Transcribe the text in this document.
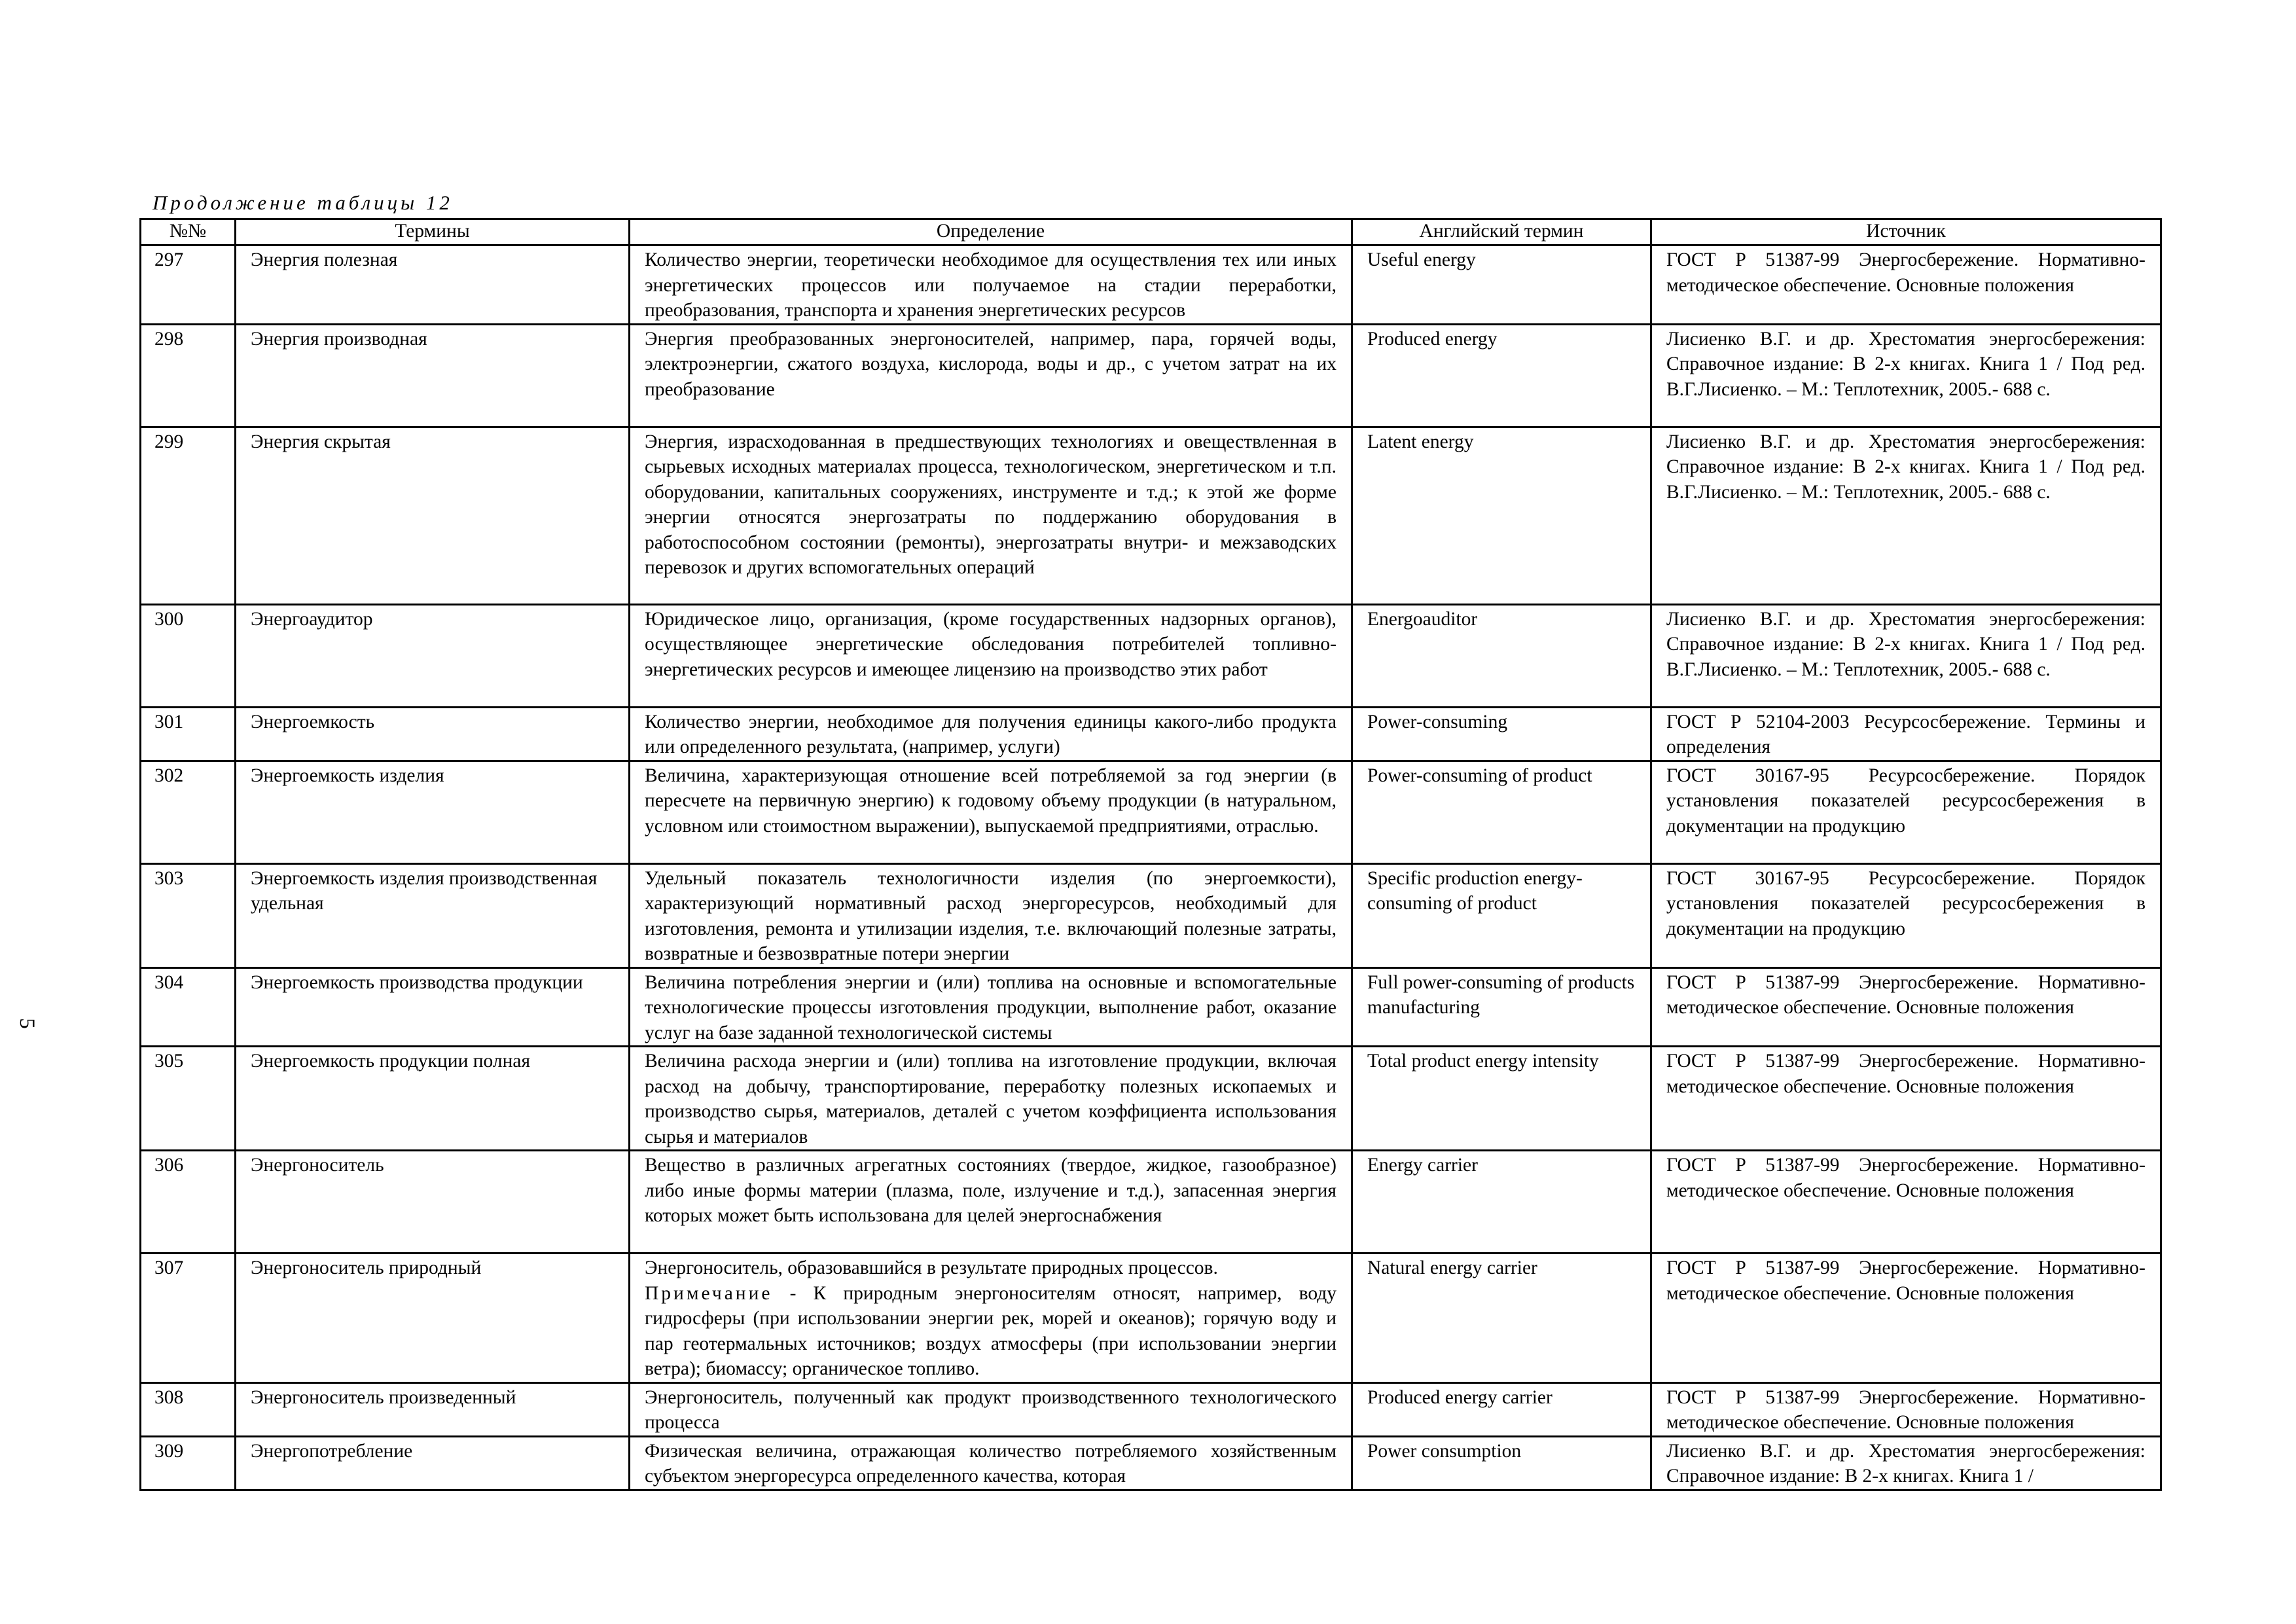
5
Продолжение таблицы 12
№№	Термины	Определение	Английский термин	Источник
297	Энергия полезная	Количество энергии, теоретически необходимое для осуществления тех или иных энергетических процессов или получаемое на стадии переработки, преобразования, транспорта и хранения энергетических ресурсов	Useful energy	ГОСТ Р 51387-99 Энергосбережение. Нормативно-методическое обеспечение. Основные положения
298	Энергия производная	Энергия преобразованных энергоносителей, например, пара, горячей воды, электроэнергии, сжатого воздуха, кислорода, воды и др., с учетом затрат на их преобразование	Produced energy	Лисиенко В.Г. и др. Хрестоматия энергосбережения: Справочное издание: В 2-х книгах. Книга 1 / Под ред. В.Г.Лисиенко. – М.: Теплотехник, 2005.- 688 с.
299	Энергия скрытая	Энергия, израсходованная в предшествующих технологиях и овеществленная в сырьевых исходных материалах процесса, технологическом, энергетическом и т.п. оборудовании, капитальных сооружениях, инструменте и т.д.; к этой же форме энергии относятся энергозатраты по поддержанию оборудования в работоспособном состоянии (ремонты), энергозатраты внутри- и межзаводских перевозок и других вспомогательных операций	Latent energy	Лисиенко В.Г. и др. Хрестоматия энергосбережения: Справочное издание: В 2-х книгах. Книга 1 / Под ред. В.Г.Лисиенко. – М.: Теплотехник, 2005.- 688 с.
300	Энергоаудитор	Юридическое лицо, организация, (кроме государственных надзорных органов), осуществляющее энергетические обследования потребителей топливно-энергетических ресурсов и имеющее лицензию на производство этих работ	Energoauditor	Лисиенко В.Г. и др. Хрестоматия энергосбережения: Справочное издание: В 2-х книгах. Книга 1 / Под ред. В.Г.Лисиенко. – М.: Теплотехник, 2005.- 688 с.
301	Энергоемкость	Количество энергии, необходимое для получения единицы какого-либо продукта или определенного результата, (например, услуги)	Power-consuming	ГОСТ Р 52104-2003 Ресурсосбережение. Термины и определения
302	Энергоемкость изделия	Величина, характеризующая отношение всей потребляемой за год энергии (в пересчете на первичную энергию) к годовому объему продукции (в натуральном, условном или стоимостном выражении), выпускаемой предприятиями, отраслью.	Power-consuming of product	ГОСТ 30167-95 Ресурсосбережение. Порядок установления показателей ресурсосбережения в документации на продукцию
303	Энергоемкость изделия производственная удельная	Удельный показатель технологичности изделия (по энергоемкости), характеризующий нормативный расход энергоресурсов, необходимый для изготовления, ремонта и утилизации изделия, т.е. включающий полезные затраты, возвратные и безвозвратные потери энергии	Specific production energy-consuming of product	ГОСТ 30167-95 Ресурсосбережение. Порядок установления показателей ресурсосбережения в документации на продукцию
304	Энергоемкость производства продукции	Величина потребления энергии и (или) топлива на основные и вспомогательные технологические процессы изготовления продукции, выполнение работ, оказание услуг на базе заданной технологической системы	Full power-consuming of products manufacturing	ГОСТ Р 51387-99 Энергосбережение. Нормативно-методическое обеспечение. Основные положения
305	Энергоемкость продукции полная	Величина расхода энергии и (или) топлива на изготовление продукции, включая расход на добычу, транспортирование, переработку полезных ископаемых и производство сырья, материалов, деталей с учетом коэффициента использования сырья и материалов	Total product energy intensity	ГОСТ Р 51387-99 Энергосбережение. Нормативно-методическое обеспечение. Основные положения
306	Энергоноситель	Вещество в различных агрегатных состояниях (твердое, жидкое, газообразное) либо иные формы материи (плазма, поле, излучение и т.д.), запасенная энергия которых может быть использована для целей энергоснабжения	Energy carrier	ГОСТ Р 51387-99 Энергосбережение. Нормативно-методическое обеспечение. Основные положения
307	Энергоноситель природный	Энергоноситель, образовавшийся в результате природных процессов.
Примечание - К природным энергоносителям относят, например, воду гидросферы (при использовании энергии рек, морей и океанов); горячую воду и пар геотермальных источников; воздух атмосферы (при использовании энергии ветра); биомассу; органическое топливо.	Natural energy carrier	ГОСТ Р 51387-99 Энергосбережение. Нормативно-методическое обеспечение. Основные положения
308	Энергоноситель произведенный	Энергоноситель, полученный как продукт производственного технологического процесса	Produced energy carrier	ГОСТ Р 51387-99 Энергосбережение. Нормативно-методическое обеспечение. Основные положения
309	Энергопотребление	Физическая величина, отражающая количество потребляемого хозяйственным субъектом энергоресурса определенного качества, которая	Power consumption	Лисиенко В.Г. и др. Хрестоматия энергосбережения: Справочное издание: В 2-х книгах. Книга 1 /
